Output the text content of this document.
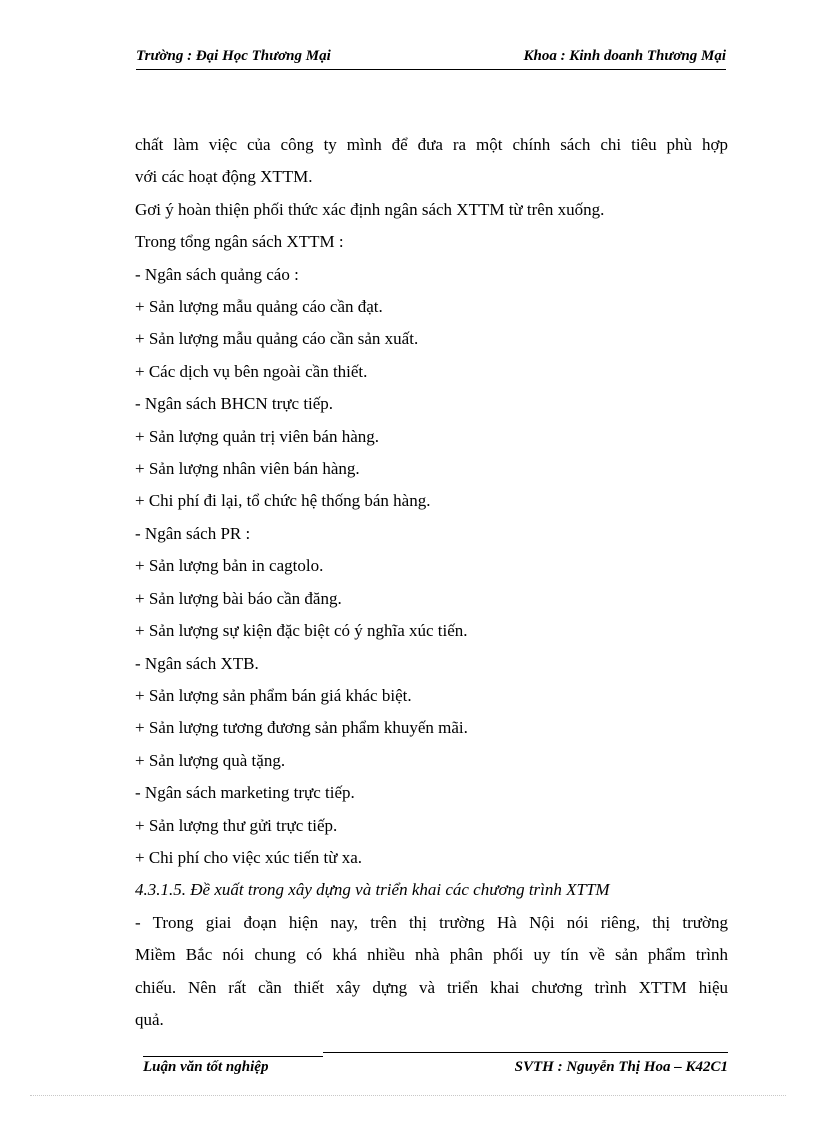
Trường : Đại Học Thương Mại	Khoa : Kinh doanh Thương Mại

chất làm việc của công ty mình để đưa ra một chính sách chi tiêu phù hợp

với các hoạt động XTTM.

Gơi ý hoàn thiện phối thức xác định ngân sách XTTM từ trên xuống.

Trong tổng ngân sách XTTM :

- Ngân sách quảng cáo :

+ Sản lượng mẫu quảng cáo cần đạt.

+ Sản lượng mẫu quảng cáo cần sản xuất.

+ Các dịch vụ bên ngoài cần thiết.

- Ngân sách BHCN trực tiếp.

+ Sản lượng quản trị viên bán hàng.

+ Sản lượng nhân viên bán hàng.

+ Chi phí đi lại, tổ chức hệ thống bán hàng.

- Ngân sách PR :

+ Sản lượng bản in cagtolo.

+ Sản lượng bài báo cần đăng.

+ Sản lượng sự kiện đặc biệt có ý nghĩa xúc tiến.

- Ngân sách XTB.

+ Sản lượng sản phẩm bán giá khác biệt.

+ Sản lượng tương đương sản phẩm khuyến mãi.

+ Sản lượng quà tặng.

- Ngân sách marketing trực tiếp.

+ Sản lượng thư gửi trực tiếp.

+ Chi phí cho việc xúc tiến từ xa.

4.3.1.5. Đề xuất trong xây dựng và triển khai các chương trình XTTM

- Trong giai đoạn hiện nay, trên thị trường Hà Nội nói riêng, thị trường

Miềm Bắc nói chung có khá nhiều nhà phân phối uy tín về sản phẩm trình

chiếu. Nên rất cần thiết xây dựng và triển khai chương trình XTTM hiệu

quả.

Luận văn tốt nghiệp	SVTH : Nguyễn Thị Hoa – K42C1
